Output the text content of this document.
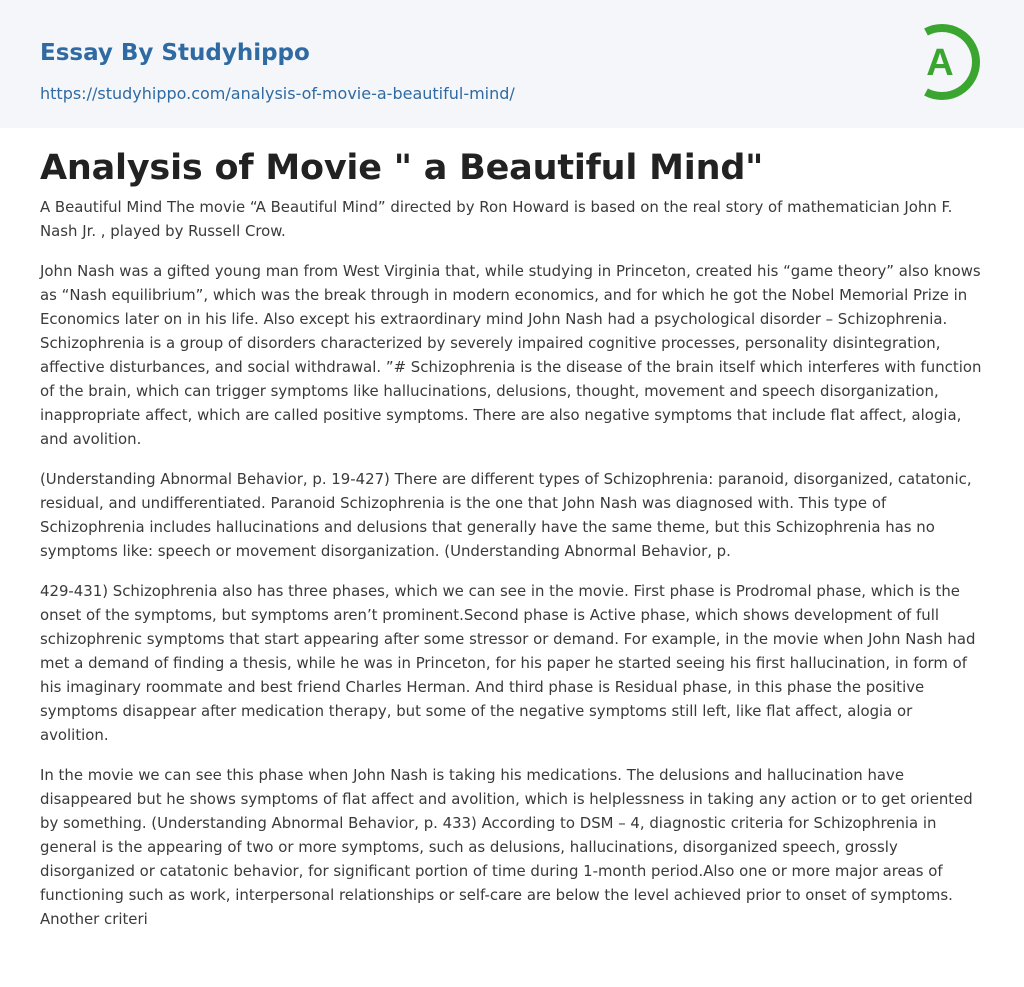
Essay By Studyhippo
https://studyhippo.com/analysis-of-movie-a-beautiful-mind/
A
Analysis of Movie " a Beautiful Mind"

A Beautiful Mind The movie “A Beautiful Mind” directed by Ron Howard is based on the real story of mathematician John F. Nash Jr. , played by Russell Crow.

John Nash was a gifted young man from West Virginia that, while studying in Princeton, created his “game theory” also knows as “Nash equilibrium”, which was the break through in modern economics, and for which he got the Nobel Memorial Prize in Economics later on in his life. Also except his extraordinary mind John Nash had a psychological disorder – Schizophrenia. Schizophrenia is a group of disorders characterized by severely impaired cognitive processes, personality disintegration, affective disturbances, and social withdrawal. ”# Schizophrenia is the disease of the brain itself which interferes with function of the brain, which can trigger symptoms like hallucinations, delusions, thought, movement and speech disorganization, inappropriate affect, which are called positive symptoms. There are also negative symptoms that include flat affect, alogia, and avolition.

(Understanding Abnormal Behavior, p. 19-427) There are different types of Schizophrenia: paranoid, disorganized, catatonic, residual, and undifferentiated. Paranoid Schizophrenia is the one that John Nash was diagnosed with. This type of Schizophrenia includes hallucinations and delusions that generally have the same theme, but this Schizophrenia has no symptoms like: speech or movement disorganization. (Understanding Abnormal Behavior, p.

429-431) Schizophrenia also has three phases, which we can see in the movie. First phase is Prodromal phase, which is the onset of the symptoms, but symptoms aren’t prominent.Second phase is Active phase, which shows development of full schizophrenic symptoms that start appearing after some stressor or demand. For example, in the movie when John Nash had met a demand of finding a thesis, while he was in Princeton, for his paper he started seeing his first hallucination, in form of his imaginary roommate and best friend Charles Herman. And third phase is Residual phase, in this phase the positive symptoms disappear after medication therapy, but some of the negative symptoms still left, like flat affect, alogia or avolition.

In the movie we can see this phase when John Nash is taking his medications. The delusions and hallucination have disappeared but he shows symptoms of flat affect and avolition, which is helplessness in taking any action or to get oriented by something. (Understanding Abnormal Behavior, p. 433) According to DSM – 4, diagnostic criteria for Schizophrenia in general is the appearing of two or more symptoms, such as delusions, hallucinations, disorganized speech, grossly disorganized or catatonic behavior, for significant portion of time during 1-month period.Also one or more major areas of functioning such as work, interpersonal relationships or self-care are below the level achieved prior to onset of symptoms. Another criteri
